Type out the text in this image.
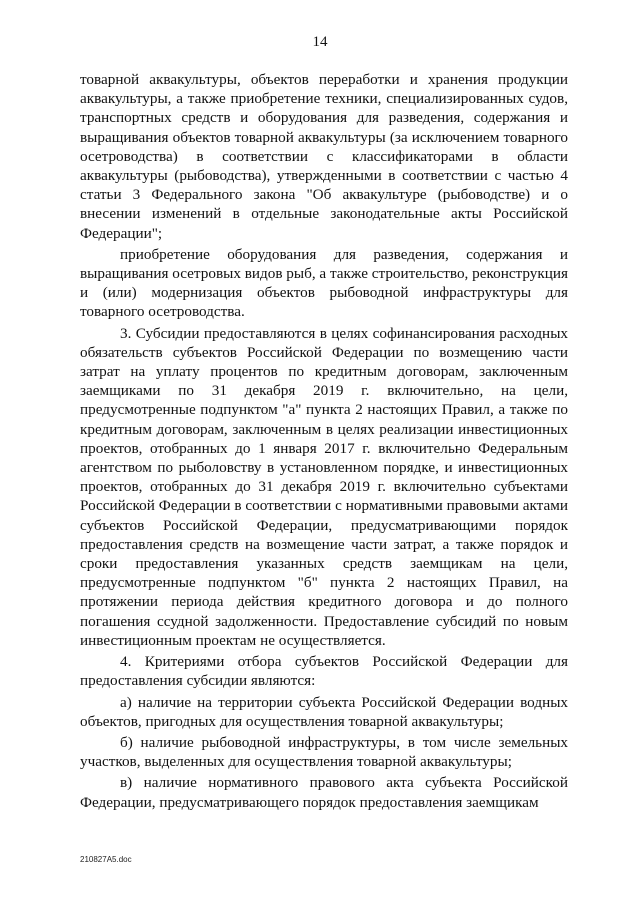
14

товарной аквакультуры, объектов переработки и хранения продукции аквакультуры, а также приобретение техники, специализированных судов, транспортных средств и оборудования для разведения, содержания и выращивания объектов товарной аквакультуры (за исключением товарного осетроводства) в соответствии с классификаторами в области аквакультуры (рыбоводства), утвержденными в соответствии с частью 4 статьи 3 Федерального закона "Об аквакультуре (рыбоводстве) и о внесении изменений в отдельные законодательные акты Российской Федерации";

приобретение оборудования для разведения, содержания и выращивания осетровых видов рыб, а также строительство, реконструкция и (или) модернизация объектов рыбоводной инфраструктуры для товарного осетроводства.

3. Субсидии предоставляются в целях софинансирования расходных обязательств субъектов Российской Федерации по возмещению части затрат на уплату процентов по кредитным договорам, заключенным заемщиками по 31 декабря 2019 г. включительно, на цели, предусмотренные подпунктом "а" пункта 2 настоящих Правил, а также по кредитным договорам, заключенным в целях реализации инвестиционных проектов, отобранных до 1 января 2017 г. включительно Федеральным агентством по рыболовству в установленном порядке, и инвестиционных проектов, отобранных до 31 декабря 2019 г. включительно субъектами Российской Федерации в соответствии с нормативными правовыми актами субъектов Российской Федерации, предусматривающими порядок предоставления средств на возмещение части затрат, а также порядок и сроки предоставления указанных средств заемщикам на цели, предусмотренные подпунктом "б" пункта 2 настоящих Правил, на протяжении периода действия кредитного договора и до полного погашения ссудной задолженности. Предоставление субсидий по новым инвестиционным проектам не осуществляется.

4. Критериями отбора субъектов Российской Федерации для предоставления субсидии являются:

а) наличие на территории субъекта Российской Федерации водных объектов, пригодных для осуществления товарной аквакультуры;

б) наличие рыбоводной инфраструктуры, в том числе земельных участков, выделенных для осуществления товарной аквакультуры;

в) наличие нормативного правового акта субъекта Российской Федерации, предусматривающего порядок предоставления заемщикам

210827A5.doc
